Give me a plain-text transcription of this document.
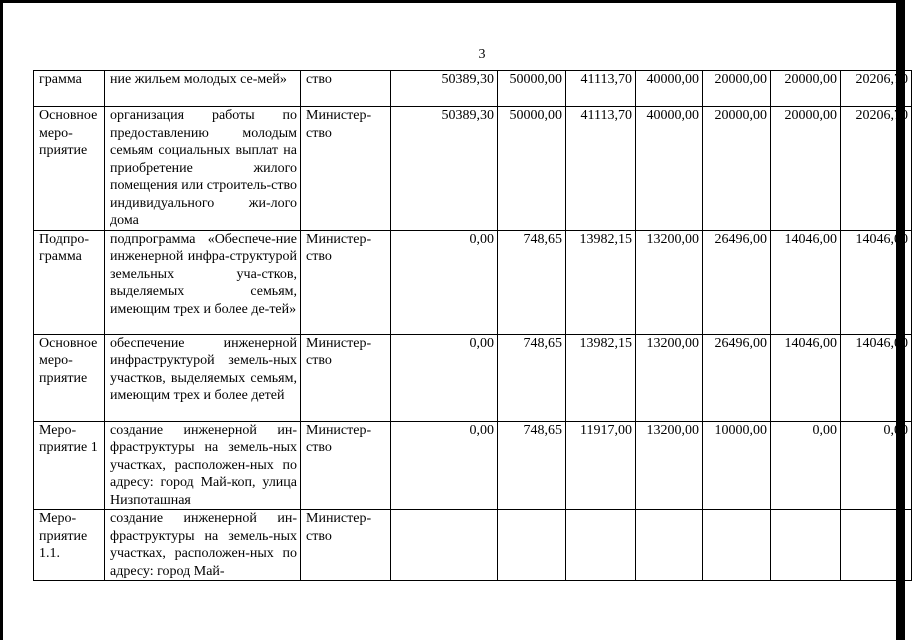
3
грамма	ние жильем молодых се-мей»	ство	50389,30	50000,00	41113,70	40000,00	20000,00	20000,00	20206,70
Основное меро-приятие	организация работы по предоставлению молодым семьям социальных выплат на приобретение жилого помещения или строитель-ство индивидуального жи-лого дома	Министер-ство	50389,30	50000,00	41113,70	40000,00	20000,00	20000,00	20206,70
Подпро-грамма	подпрограмма «Обеспече-ние инженерной инфра-структурой земельных уча-стков, выделяемых семьям, имеющим трех и более де-тей»	Министер-ство	0,00	748,65	13982,15	13200,00	26496,00	14046,00	14046,00
Основное меро-приятие	обеспечение инженерной инфраструктурой земель-ных участков, выделяемых семьям, имеющим трех и более детей	Министер-ство	0,00	748,65	13982,15	13200,00	26496,00	14046,00	14046,00
Меро-приятие 1	создание инженерной ин-фраструктуры на земель-ных участках, расположен-ных по адресу: город Май-коп, улица Низпоташная	Министер-ство	0,00	748,65	11917,00	13200,00	10000,00	0,00	0,00
Меро-приятие 1.1.	создание инженерной ин-фраструктуры на земель-ных участках, расположен-ных по адресу: город Май-	Министер-ство							
